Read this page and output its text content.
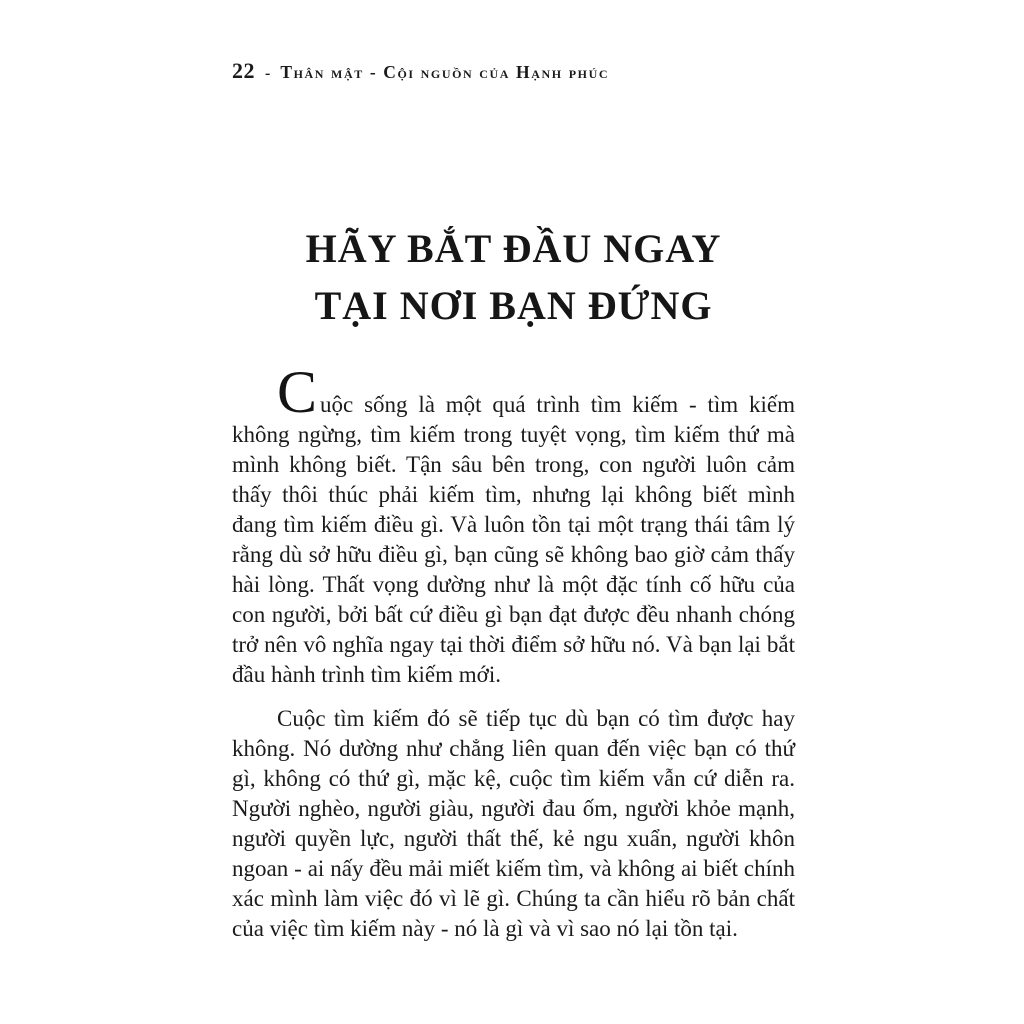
22 - Thân mật - Cội nguồn của Hạnh phúc
HÃY BẮT ĐẦU NGAY
TẠI NƠI BẠN ĐỨNG

Cuộc sống là một quá trình tìm kiếm - tìm kiếm không ngừng, tìm kiếm trong tuyệt vọng, tìm kiếm thứ mà mình không biết. Tận sâu bên trong, con người luôn cảm thấy thôi thúc phải kiếm tìm, nhưng lại không biết mình đang tìm kiếm điều gì. Và luôn tồn tại một trạng thái tâm lý rằng dù sở hữu điều gì, bạn cũng sẽ không bao giờ cảm thấy hài lòng. Thất vọng dường như là một đặc tính cố hữu của con người, bởi bất cứ điều gì bạn đạt được đều nhanh chóng trở nên vô nghĩa ngay tại thời điểm sở hữu nó. Và bạn lại bắt đầu hành trình tìm kiếm mới.

Cuộc tìm kiếm đó sẽ tiếp tục dù bạn có tìm được hay không. Nó dường như chẳng liên quan đến việc bạn có thứ gì, không có thứ gì, mặc kệ, cuộc tìm kiếm vẫn cứ diễn ra. Người nghèo, người giàu, người đau ốm, người khỏe mạnh, người quyền lực, người thất thế, kẻ ngu xuẩn, người khôn ngoan - ai nấy đều mải miết kiếm tìm, và không ai biết chính xác mình làm việc đó vì lẽ gì. Chúng ta cần hiểu rõ bản chất của việc tìm kiếm này - nó là gì và vì sao nó lại tồn tại.
